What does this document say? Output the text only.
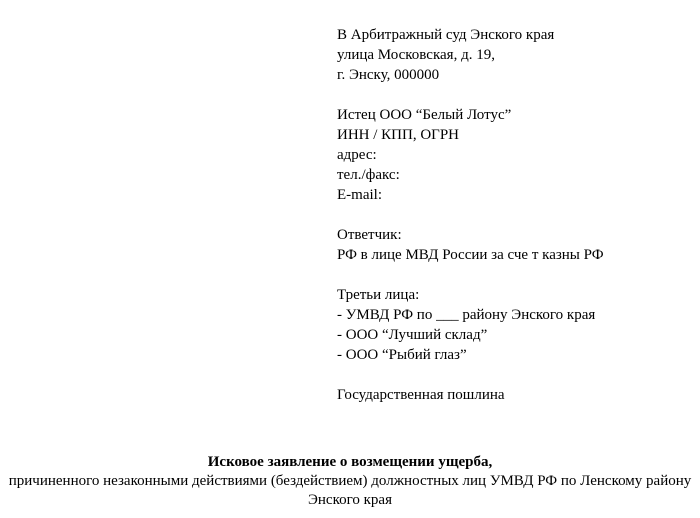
В Арбитражный суд Энского края
улица Московская, д. 19,
г. Энску, 000000
Истец ООО “Белый Лотус”
ИНН / КПП, ОГРН
адрес:
тел./факс:
E-mail:
Ответчик:
РФ в лице МВД России за сче т казны РФ
Третьи лица:
- УМВД РФ по ___ району Энского края
- ООО “Лучший склад”
- ООО “Рыбий глаз”
Государственная пошлина
Исковое заявление о возмещении ущерба,
причиненного незаконными действиями (бездействием) должностных лиц УМВД РФ по Ленскому району Энского края
